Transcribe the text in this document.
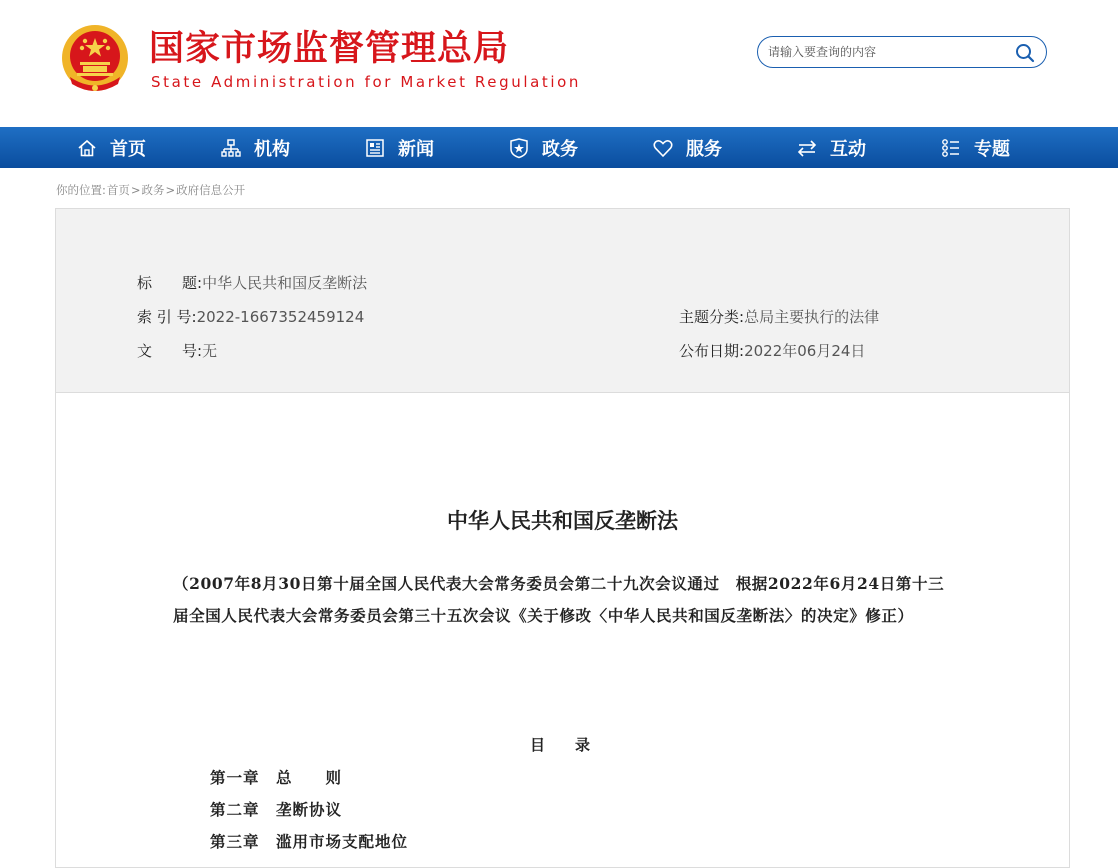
国家市场监督管理总局
State Administration for Market Regulation
请输入要查询的内容
首页	机构	新闻	政务	服务	互动	专题
你的位置:首页>政务>政府信息公开
标　　题:中华人民共和国反垄断法
索 引 号:2022-1667352459124
文　　号:无
主题分类:总局主要执行的法律
公布日期:2022年06月24日
中华人民共和国反垄断法
（2007年8月30日第十届全国人民代表大会常务委员会第二十九次会议通过　根据2022年6月24日第十三届全国人民代表大会常务委员会第三十五次会议《关于修改〈中华人民共和国反垄断法〉的决定》修正）
目　　录
第一章　总　　则
第二章　垄断协议
第三章　滥用市场支配地位
